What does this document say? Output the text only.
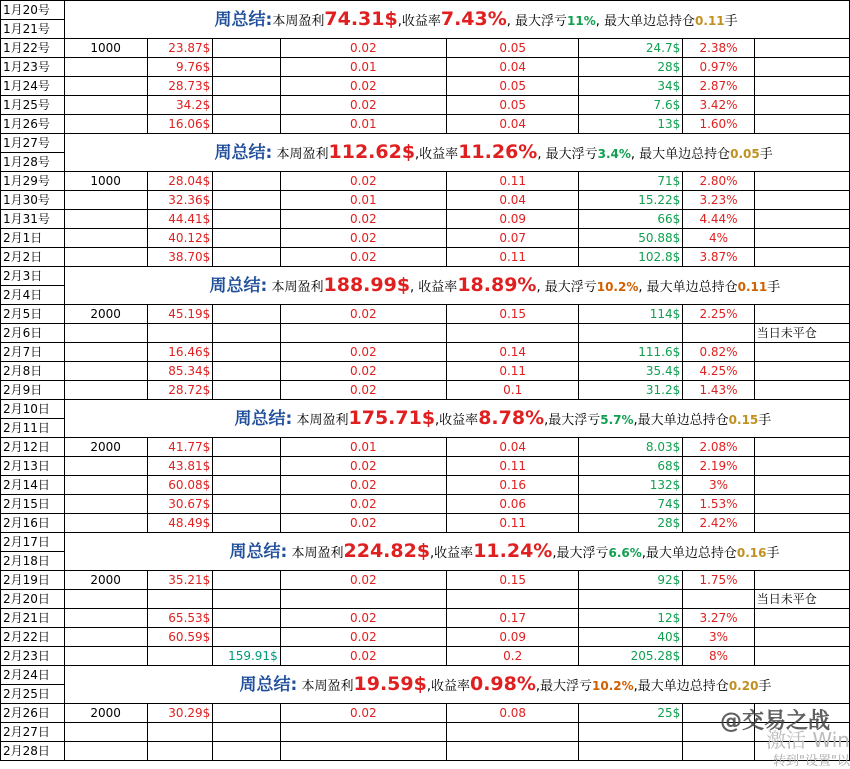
1月20号	周总结:本周盈利74.31$,收益率7.43%, 最大浮亏11%, 最大单边总持仓0.11手							

1月21号								
1月22号	1000	23.87$		0.02	0.05	24.7$	2.38%	
1月23号		9.76$		0.01	0.04	28$	0.97%	
1月24号		28.73$		0.02	0.05	34$	2.87%	
1月25号		34.2$		0.02	0.05	7.6$	3.42%	
1月26号		16.06$		0.01	0.04	13$	1.60%	
1月27号	周总结: 本周盈利112.62$,收益率11.26%, 最大浮亏3.4%, 最大单边总持仓0.05手							

1月28号								
1月29号	1000	28.04$		0.02	0.11	71$	2.80%	
1月30号		32.36$		0.01	0.04	15.22$	3.23%	
1月31号		44.41$		0.02	0.09	66$	4.44%	
2月1日		40.12$		0.02	0.07	50.88$	4%	
2月2日		38.70$		0.02	0.11	102.8$	3.87%	
2月3日	周总结: 本周盈利188.99$, 收益率18.89%, 最大浮亏10.2%, 最大单边总持仓0.11手							

2月4日								
2月5日	2000	45.19$		0.02	0.15	114$	2.25%	
2月6日								当日未平仓
2月7日		16.46$		0.02	0.14	111.6$	0.82%	
2月8日		85.34$		0.02	0.11	35.4$	4.25%	
2月9日		28.72$		0.02	0.1	31.2$	1.43%	
2月10日	周总结: 本周盈利175.71$,收益率8.78%,最大浮亏5.7%,最大单边总持仓0.15手							

2月11日								
2月12日	2000	41.77$		0.01	0.04	8.03$	2.08%	
2月13日		43.81$		0.02	0.11	68$	2.19%	
2月14日		60.08$		0.02	0.16	132$	3%	
2月15日		30.67$		0.02	0.06	74$	1.53%	
2月16日		48.49$		0.02	0.11	28$	2.42%	
2月17日	周总结: 本周盈利224.82$,收益率11.24%,最大浮亏6.6%,最大单边总持仓0.16手							

2月18日								
2月19日	2000	35.21$		0.02	0.15	92$	1.75%	
2月20日								当日未平仓
2月21日		65.53$		0.02	0.17	12$	3.27%	
2月22日		60.59$		0.02	0.09	40$	3%	
2月23日			159.91$	0.02	0.2	205.28$	8%	
2月24日	周总结: 本周盈利19.59$,收益率0.98%,最大浮亏10.2%,最大单边总持仓0.20手							

2月25日								
2月26日	2000	30.29$		0.02	0.08	25$		
2月27日								
2月28日								
@交易之战
激活 Win
转到"设置"以
